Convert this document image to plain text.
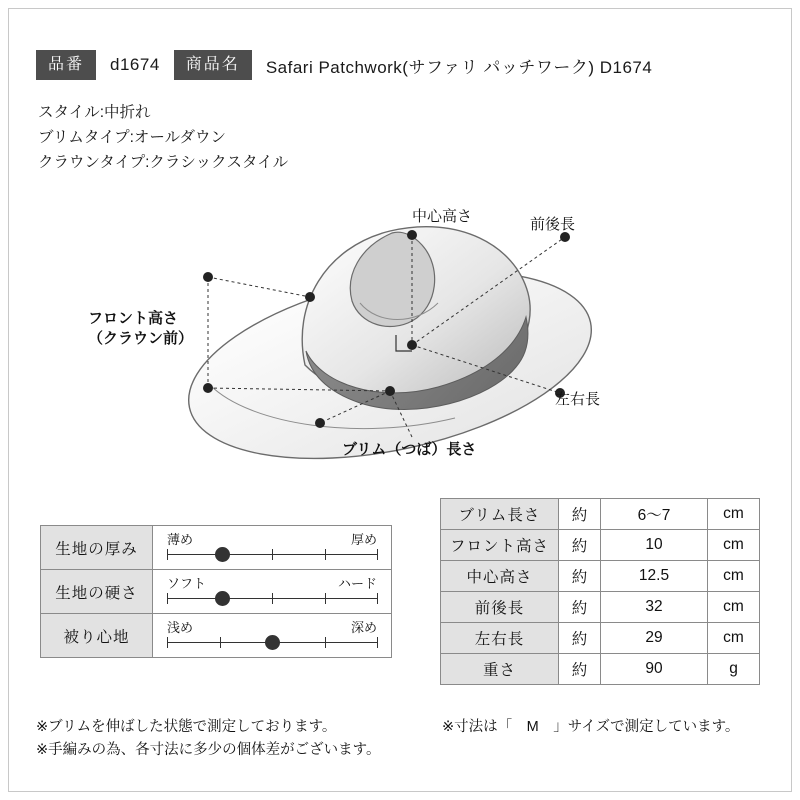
品番	d1674	商品名	Safari Patchwork(サファリ パッチワーク) D1674
スタイル:中折れ
ブリムタイプ:オールダウン
クラウンタイプ:クラシックスタイル
中心高さ	前後長
左右長
ブリム（つば）長さ
フロント高さ
（クラウン前）
生地の厚み	薄め 厚め

生地の硬さ	ソフト ハード

被り心地	浅め 深め
ブリム長さ	約	6〜7	cm
フロント高さ	約	10	cm
中心高さ	約	12.5	cm
前後長	約	32	cm
左右長	約	29	cm
重さ	約	90	g
※ブリムを伸ばした状態で測定しております。
※手編みの為、各寸法に多少の個体差がございます。
※寸法は「　M　」サイズで測定しています。
